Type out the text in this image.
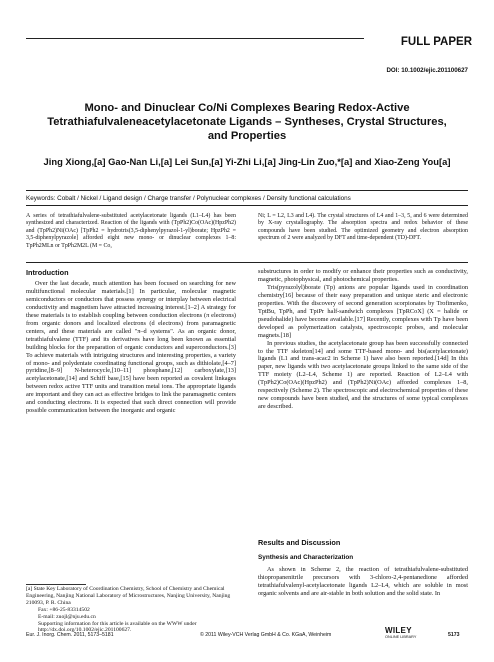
FULL PAPER
DOI: 10.1002/ejic.201100627
Mono- and Dinuclear Co/Ni Complexes Bearing Redox-Active Tetrathiafulvaleneacetylacetonate Ligands – Syntheses, Crystal Structures, and Properties
Jing Xiong,[a] Gao-Nan Li,[a] Lei Sun,[a] Yi-Zhi Li,[a] Jing-Lin Zuo,*[a] and Xiao-Zeng You[a]
Keywords: Cobalt / Nickel / Ligand design / Charge transfer / Polynuclear complexes / Density functional calculations
A series of tetrathiafulvalene-substituted acetylacetonate ligands (L1–L4) has been synthesized and characterized. Reaction of the ligands with (TpPh2)Co(OAc)(HpzPh2) and (TpPh2)Ni(OAc) [TpPh2 = hydrotris(3,5-diphenylpyrazol-1-yl)borate; HpzPh2 = 3,5-diphenylpyrazole] afforded eight new mono- or dinuclear complexes 1–8: TpPh2MLn or TpPh2M2L (M = Co,
Ni; L = L2, L3 and L4). The crystal structures of L4 and 1–3, 5, and 6 were determined by X-ray crystallography. The absorption spectra and redox behavior of these compounds have been studied. The optimized geometry and electron absorption spectrum of 2 were analyzed by DFT and time-dependent (TD)-DFT.
Introduction

Over the last decade, much attention has been focused on searching for new multifunctional molecular materials.[1] In particular, molecular magnetic semiconductors or conductors that possess synergy or interplay between electrical conductivity and magnetism have attracted increasing interest.[1–2] A strategy for these materials is to establish coupling between conduction electrons (π electrons) from organic donors and localized electrons (d electrons) from paramagnetic centers, and these materials are called "π–d systems". As an organic donor, tetrathiafulvalene (TTF) and its derivatives have long been known as essential building blocks for the preparation of organic conductors and superconductors.[3] To achieve materials with intriguing structures and interesting properties, a variety of mono- and polydentate coordinating functional groups, such as dithiolate,[4–7] pyridine,[8–9] N-heterocycle,[10–11] phosphane,[12] carboxylate,[13] acetylacetonate,[14] and Schiff base,[15] have been reported as covalent linkages between redox active TTF units and transition metal ions. The appropriate ligands are important and they can act as effective bridges to link the paramagnetic centers and conducting electrons. It is expected that such direct connection will provide possible communication between the inorganic and organic

[a] State Key Laboratory of Coordination Chemistry, School of Chemistry and Chemical Engineering, Nanjing National Laboratory of Microstructures, Nanjing University, Nanjing 210093, P. R. China
Fax: +86-25-83314502
E-mail: zuojl@nju.edu.cn
Supporting information for this article is available on the WWW under http://dx.doi.org/10.1002/ejic.201100627.

substructures in order to modify or enhance their properties such as conductivity, magnetic, photophysical, and photochemical properties.

Tris(pyrazolyl)borate (Tp) anions are popular ligands used in coordination chemistry[16] because of their easy preparation and unique steric and electronic properties. With the discovery of second generation scorpionates by Trofimenko, TptBu, TpPh, and TpiPr half-sandwich complexes [TpRCoX] (X = halide or pseudohalide) have become available.[17] Recently, complexes with Tp have been developed as polymerization catalysts, spectroscopic probes, and molecular magnets.[18]

In previous studies, the acetylacetonate group has been successfully connected to the TTF skeleton[14] and some TTF-based mono- and bis(acetylacetonate) ligands (L1 and trans-acac2 in Scheme 1) have also been reported.[14d] In this paper, new ligands with two acetylacetonate groups linked to the same side of the TTF moiety (L2–L4, Scheme 1) are reported. Reaction of L2–L4 with (TpPh2)Co(OAc)(HpzPh2) and (TpPh2)Ni(OAc) afforded complexes 1–8, respectively (Scheme 2). The spectroscopic and electrochemical properties of these new compounds have been studied, and the structures of some typical complexes are described.

Results and Discussion
Synthesis and Characterization

As shown in Scheme 2, the reaction of tetrathiafulvalene-substituted thiopropanenitrile precursors with 3-chloro-2,4-pentanedione afforded tetrathiafulvalenyl-acetylacetonate ligands L2–L4, which are soluble in most organic solvents and are air-stable in both solution and the solid state. In

Eur. J. Inorg. Chem. 2011, 5173–5181	© 2011 Wiley-VCH Verlag GmbH & Co. KGaA, Weinheim	WILEY
ONLINE LIBRARY	5173
